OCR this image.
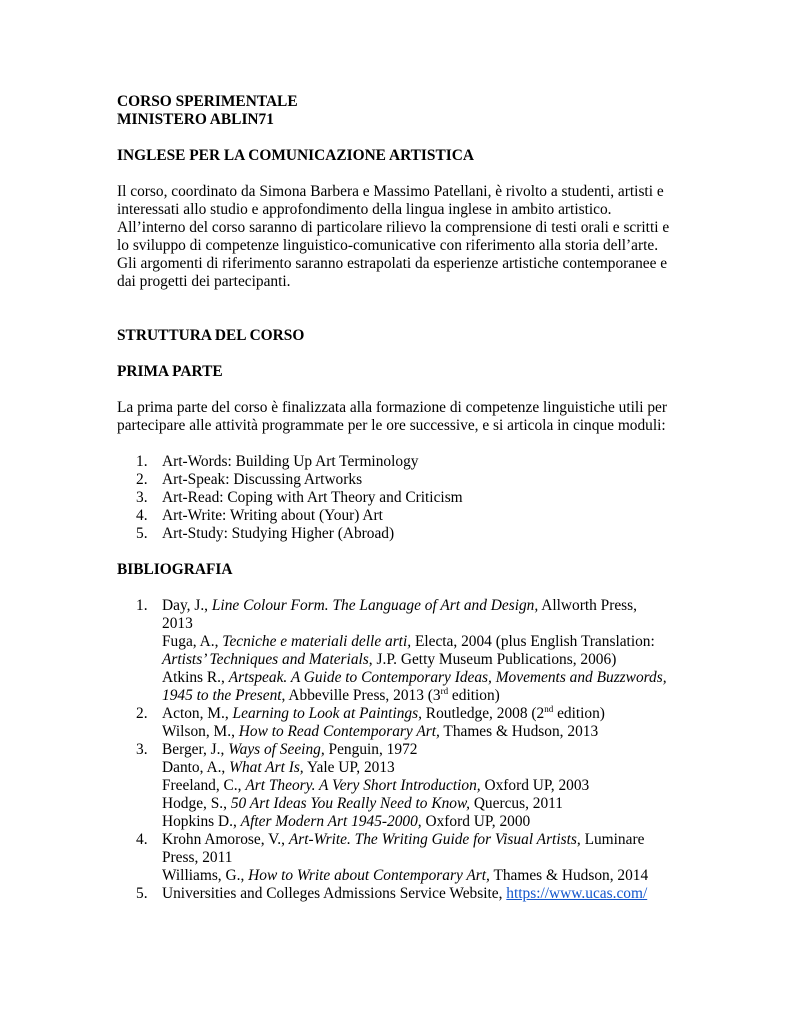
CORSO SPERIMENTALE

MINISTERO ABLIN71

INGLESE PER LA COMUNICAZIONE ARTISTICA

Il corso, coordinato da Simona Barbera e Massimo Patellani, è rivolto a studenti, artisti e

interessati allo studio e approfondimento della lingua inglese in ambito artistico.

All’interno del corso saranno di particolare rilievo la comprensione di testi orali e scritti e

lo sviluppo di competenze linguistico-comunicative con riferimento alla storia dell’arte.

Gli argomenti di riferimento saranno estrapolati da esperienze artistiche contemporanee e

dai progetti dei partecipanti.

STRUTTURA DEL CORSO

PRIMA PARTE

La prima parte del corso è finalizzata alla formazione di competenze linguistiche utili per

partecipare alle attività programmate per le ore successive, e si articola in cinque moduli:

1. Art-Words: Building Up Art Terminology
2. Art-Speak: Discussing Artworks
3. Art-Read: Coping with Art Theory and Criticism
4. Art-Write: Writing about (Your) Art
5. Art-Study: Studying Higher (Abroad)

BIBLIOGRAFIA

1. Day, J., Line Colour Form. The Language of Art and Design, Allworth Press,
2013
Fuga, A., Tecniche e materiali delle arti, Electa, 2004 (plus English Translation:
Artists’ Techniques and Materials, J.P. Getty Museum Publications, 2006)
Atkins R., Artspeak. A Guide to Contemporary Ideas, Movements and Buzzwords,
1945 to the Present, Abbeville Press, 2013 (3rd edition)
2. Acton, M., Learning to Look at Paintings, Routledge, 2008 (2nd edition)
Wilson, M., How to Read Contemporary Art, Thames & Hudson, 2013
3. Berger, J., Ways of Seeing, Penguin, 1972
Danto, A., What Art Is, Yale UP, 2013
Freeland, C., Art Theory. A Very Short Introduction, Oxford UP, 2003
Hodge, S., 50 Art Ideas You Really Need to Know, Quercus, 2011
Hopkins D., After Modern Art 1945-2000, Oxford UP, 2000
4. Krohn Amorose, V., Art-Write. The Writing Guide for Visual Artists, Luminare
Press, 2011
Williams, G., How to Write about Contemporary Art, Thames & Hudson, 2014
5. Universities and Colleges Admissions Service Website, https://www.ucas.com/
